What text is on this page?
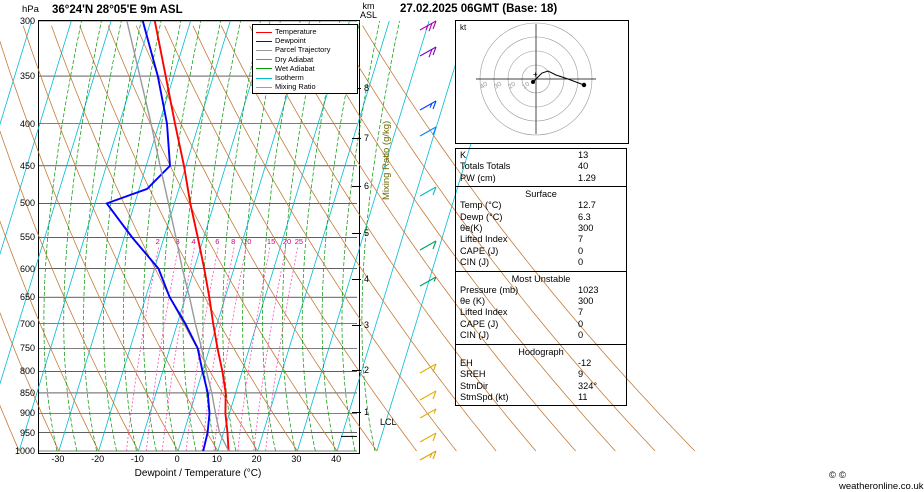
hPa 36°24'N 28°05'E 9m ASL	km
ASL
2 3 4	6 8 10 15 20 25
300
350
400
450
500
550
600
650
700
750
800
850
900
950
1000
-30	-20	-10	0	10	20	30	40
Dewpoint / Temperature (°C)
1
2
3
4
5
6
7
8
Mixing Ratio (g/kg)
LCL
Temperature
Dewpoint
Parcel Trajectory
Dry Adiabat
Wet Adiabat
Isotherm
Mixing Ratio
27.02.2025 06GMT (Base: 18)
kt
10
20
30
40
+
K	13
Totals Totals	40
PW (cm)	1.29
Surface
Temp (°C)	12.7
Dewp (°C)	6.3
θe(K)	300
Lifted Index	7
CAPE (J)	0
CIN (J)	0
Most Unstable
Pressure (mb)	1023
θe (K)	300
Lifted Index	7
CAPE (J)	0
CIN (J)	0
Hodograph
EH	-12
SREH	9
StmDir	324°
StmSpd (kt)	11
© © weatheronline.co.uk
